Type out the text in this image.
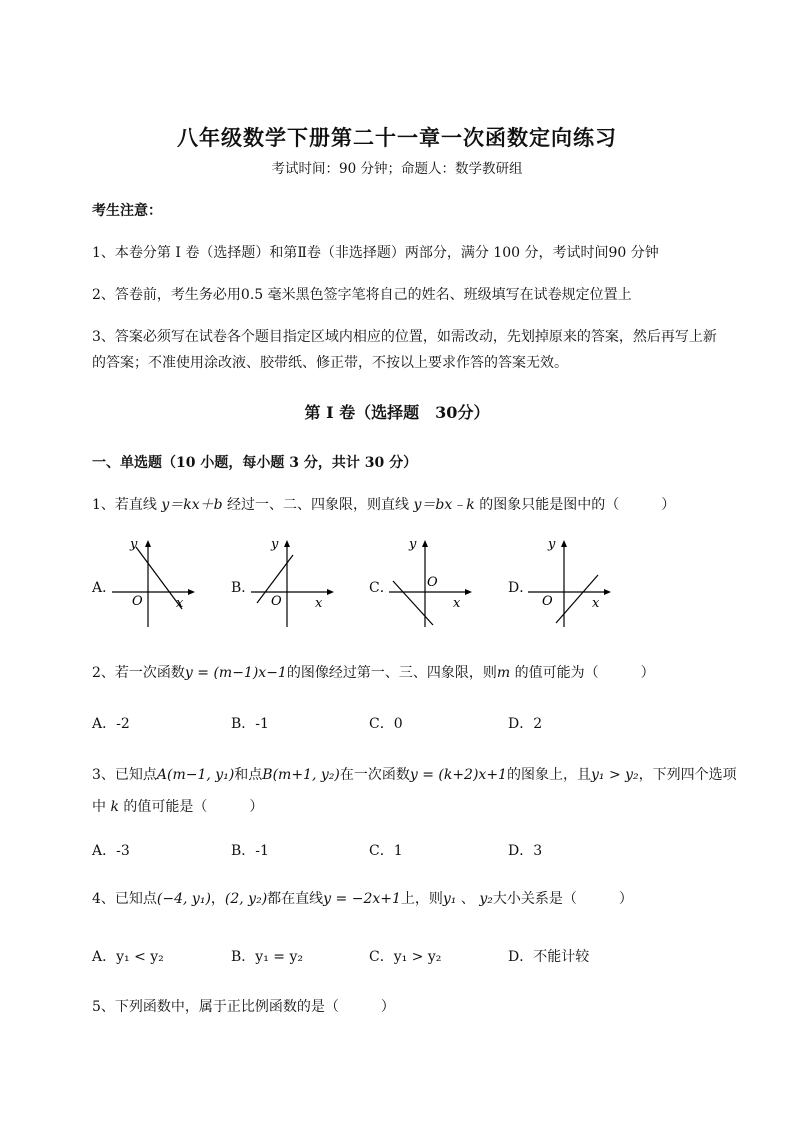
八年级数学下册第二十一章一次函数定向练习
考试时间：90 分钟；命题人：数学教研组
考生注意：
1、本卷分第 I 卷（选择题）和第Ⅱ卷（非选择题）两部分，满分 100 分，考试时间90 分钟
2、答卷前，考生务必用0.5 毫米黑色签字笔将自己的姓名、班级填写在试卷规定位置上
3、答案必须写在试卷各个题目指定区域内相应的位置，如需改动，先划掉原来的答案，然后再写上新
的答案；不准使用涂改液、胶带纸、修正带，不按以上要求作答的答案无效。
第 I 卷（选择题　30分）
一、单选题（10 小题，每小题 3 分，共计 30 分）
1、若直线 y＝kx＋b 经过一、二、四象限，则直线 y＝bx﹣k 的图象只能是图中的（　　　）
A．	B．	C．	D．
y
x
O
y
x
O
y
x
O
y
x
O
2、若一次函数y = (m−1)x−1的图像经过第一、三、四象限，则m 的值可能为（　　　）
A．-2	B．-1	C．0	D．2
3、已知点A(m−1, y₁)和点B(m+1, y₂)在一次函数y = (k+2)x+1的图象上，且y₁ > y₂，下列四个选项
中 k 的值可能是（　　　）
A．-3	B．-1	C．1	D．3
4、已知点(−4, y₁)，(2, y₂)都在直线y = −2x+1上，则y₁ 、 y₂大小关系是（　　　）
A．y₁ < y₂	B．y₁ = y₂	C．y₁ > y₂	D．不能计较
5、下列函数中，属于正比例函数的是（　　　）
